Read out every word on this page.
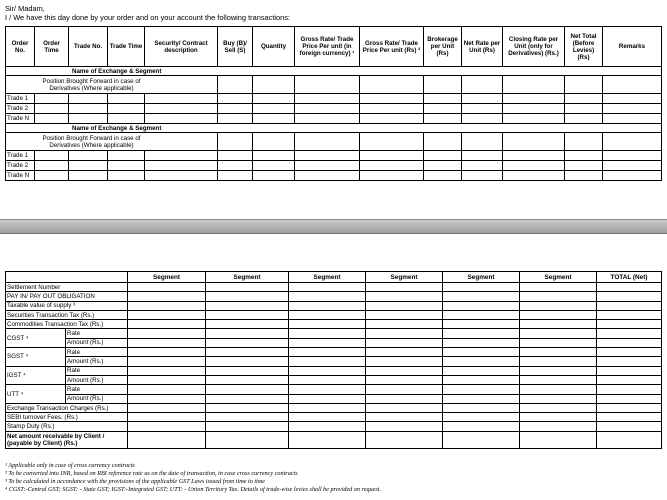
Sir/ Madam,
I / We have this day done by your order and on your account the following transactions:
Order No.	Order Time	Trade No.	Trade Time	Security/ Contract description	Buy (B)/ Sell (S)	Quantity	Gross Rate/ Trade Price Per unit (in foreign currency) ¹	Gross Rate/ Trade Price Per unit (Rs) ²	Brokerage per Unit (Rs)	Net Rate per Unit (Rs)	Closing Rate per Unit (only for Derivatives) (Rs.)	Net Total (Before Levies) (Rs)	Remarks
Name of Exchange & Segment													
Position Brought Forward in case of Derivatives (Where applicable)													
Trade 1													
Trade 2													
Trade N													
Name of Exchange & Segment													
Position Brought Forward in case of Derivatives (Where applicable)													
Trade 1													
Trade 2													
Trade N													
		Segment	Segment	Segment	Segment	Segment	Segment	TOTAL (Net)
Settlement Number								
PAY IN/ PAY OUT OBLIGATION								
Taxable value of supply ³								
Securities Transaction Tax (Rs.)								
Commodities Transaction Tax (Rs.)								
CGST ⁴	Rate							
	Amount (Rs.)							
SGST ⁴	Rate							
	Amount (Rs.)							
IGST ⁴	Rate							
	Amount (Rs.)							
UTT ⁴	Rate							
	Amount (Rs.)							
Exchange Transaction Charges (Rs.)								
SEBI turnover Fees. (Rs.)								
Stamp Duty (Rs.)								
Net amount receivable by Client / (payable by Client) (Rs.)								
¹ Applicable only in case of cross currency contracts
² To be converted into INR, based on RBI reference rate as on the date of transaction, in case cross currency contracts
³ To be calculated in accordance with the provisions of the applicable GST Laws issued from time to time
⁴ CGST:-Central GST; SGST: - State GST; IGST:-Integrated GST; UTT: - Union Territory Tax. Details of trade-wise levies shall be provided on request.
